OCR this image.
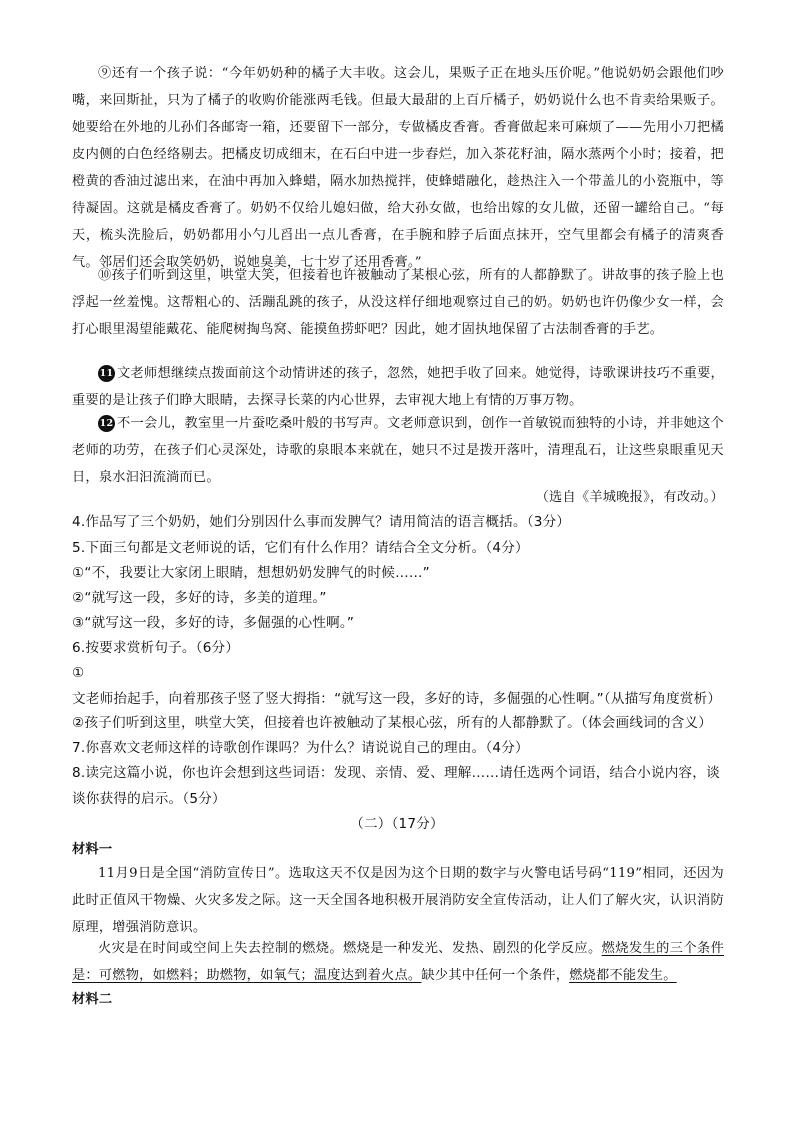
⑨还有一个孩子说：“今年奶奶种的橘子大丰收。这会儿，果贩子正在地头压价呢。”他说奶奶会跟他们吵嘴，来回斯扯，只为了橘子的收购价能涨两毛钱。但最大最甜的上百斤橘子，奶奶说什么也不肯卖给果贩子。她要给在外地的儿孙们各邮寄一箱，还要留下一部分，专做橘皮香膏。香膏做起来可麻烦了——先用小刀把橘皮内侧的白色经络剔去。把橘皮切成细末，在石臼中进一步舂烂，加入茶花籽油，隔水蒸两个小时；接着，把橙黄的香油过滤出来，在油中再加入蜂蜡，隔水加热搅拌，使蜂蜡融化，趁热注入一个带盖儿的小瓷瓶中，等待凝固。这就是橘皮香膏了。奶奶不仅给儿媳妇做，给大孙女做，也给出嫁的女儿做，还留一罐给自己。“每天，梳头洗脸后，奶奶都用小勺儿舀出一点儿香膏，在手腕和脖子后面点抹开，空气里都会有橘子的清爽香气。邻居们还会取笑奶奶，说她臭美，七十岁了还用香膏。”

⑩孩子们听到这里，哄堂大笑，但接着也许被触动了某根心弦，所有的人都静默了。讲故事的孩子脸上也浮起一丝羞愧。这帮粗心的、活蹦乱跳的孩子，从没这样仔细地观察过自己的奶。奶奶也许仍像少女一样，会打心眼里渴望能戴花、能爬树掏鸟窝、能摸鱼捞虾吧？因此，她才固执地保留了古法制香膏的手艺。

11 文老师想继续点拨面前这个动情讲述的孩子，忽然，她把手收了回来。她觉得，诗歌课讲技巧不重要，重要的是让孩子们睁大眼睛，去探寻长菜的内心世界，去审视大地上有情的万事万物。

12 不一会儿，教室里一片蚕吃桑叶般的书写声。文老师意识到，创作一首敏锐而独特的小诗，并非她这个老师的功劳，在孩子们心灵深处，诗歌的泉眼本来就在，她只不过是拨开落叶，清理乱石，让这些泉眼重见天日，泉水汩汩流淌而已。

（选自《羊城晚报》，有改动。）

4.作品写了三个奶奶，她们分别因什么事而发脾气？请用简洁的语言概括。（3分）

5.下面三句都是文老师说的话，它们有什么作用？请结合全文分析。（4分）

①“不，我要让大家闭上眼睛，想想奶奶发脾气的时候……”

②“就写这一段，多好的诗，多美的道理。”

③“就写这一段，多好的诗，多倔强的心性啊。”

6.按要求赏析句子。（6分）

①文老师抬起手，向着那孩子竖了竖大拇指：“就写这一段，多好的诗，多倔强的心性啊。”（从描写角度赏析）

②孩子们听到这里，哄堂大笑，但接着也许被触动了某根心弦，所有的人都静默了。（体会画线词的含义）

7.你喜欢文老师这样的诗歌创作课吗？为什么？请说说自己的理由。（4分）

8.读完这篇小说，你也许会想到这些词语：发现、亲情、爱、理解……请任选两个词语，结合小说内容，谈谈你获得的启示。（5分）

（二）（17分）
材料一

11月9日是全国“消防宣传日”。选取这天不仅是因为这个日期的数字与火警电话号码“119”相同，还因为此时正值风干物燥、火灾多发之际。这一天全国各地积极开展消防安全宣传活动，让人们了解火灾，认识消防原理，增强消防意识。

火灾是在时间或空间上失去控制的燃烧。燃烧是一种发光、发热、剧烈的化学反应。燃烧发生的三个条件是：可燃物，如燃料；助燃物，如氧气；温度达到着火点。缺少其中任何一个条件，燃烧都不能发生。

材料二
